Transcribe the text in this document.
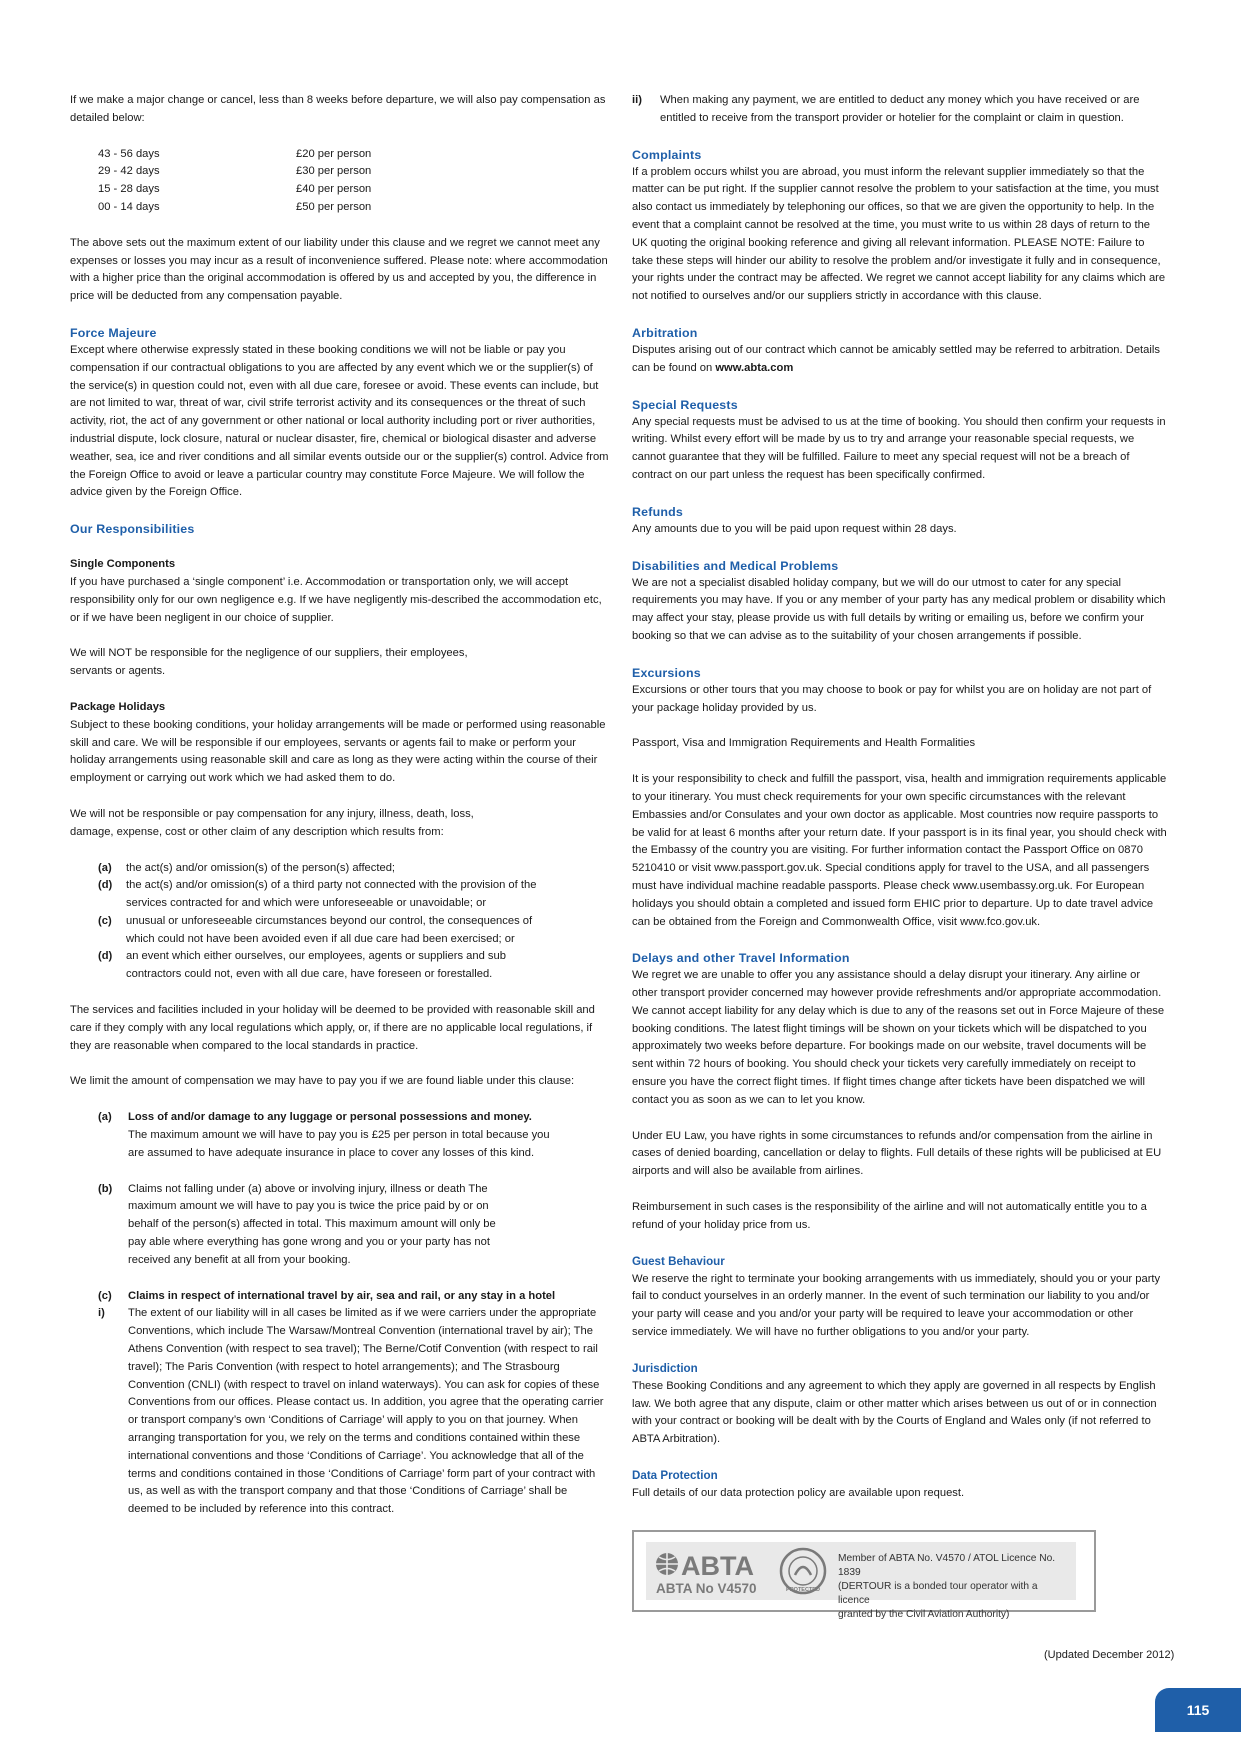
If we make a major change or cancel, less than 8 weeks before departure, we will also pay compensation as detailed below:

43 - 56 days	£20 per person
29 - 42 days	£30 per person
15 - 28 days	£40 per person
00 - 14 days	£50 per person

The above sets out the maximum extent of our liability under this clause and we regret we cannot meet any expenses or losses you may incur as a result of inconvenience suffered. Please note: where accommodation with a higher price than the original accommodation is offered by us and accepted by you, the difference in price will be deducted from any compensation payable.

Force Majeure

Except where otherwise expressly stated in these booking conditions we will not be liable or pay you compensation if our contractual obligations to you are affected by any event which we or the supplier(s) of the service(s) in question could not, even with all due care, foresee or avoid. These events can include, but are not limited to war, threat of war, civil strife terrorist activity and its consequences or the threat of such activity, riot, the act of any government or other national or local authority including port or river authorities, industrial dispute, lock closure, natural or nuclear disaster, fire, chemical or biological disaster and adverse weather, sea, ice and river conditions and all similar events outside our or the supplier(s) control. Advice from the Foreign Office to avoid or leave a particular country may constitute Force Majeure. We will follow the advice given by the Foreign Office.

Our Responsibilities
Single Components

If you have purchased a ‘single component’ i.e. Accommodation or transportation only, we will accept responsibility only for our own negligence e.g. If we have negligently mis-described the accommodation etc, or if we have been negligent in our choice of supplier.

We will NOT be responsible for the negligence of our suppliers, their employees, servants or agents.

Package Holidays

Subject to these booking conditions, your holiday arrangements will be made or performed using reasonable skill and care. We will be responsible if our employees, servants or agents fail to make or perform your holiday arrangements using reasonable skill and care as long as they were acting within the course of their employment or carrying out work which we had asked them to do.

We will not be responsible or pay compensation for any injury, illness, death, loss, damage, expense, cost or other claim of any description which results from:

(a)	the act(s) and/or omission(s) of the person(s) affected;
(d)	the act(s) and/or omission(s) of a third party not connected with the provision of the services contracted for and which were unforeseeable or unavoidable; or
(c)	unusual or unforeseeable circumstances beyond our control, the consequences of which could not have been avoided even if all due care had been exercised; or
(d)	an event which either ourselves, our employees, agents or suppliers and sub contractors could not, even with all due care, have foreseen or forestalled.

The services and facilities included in your holiday will be deemed to be provided with reasonable skill and care if they comply with any local regulations which apply, or, if there are no applicable local regulations, if they are reasonable when compared to the local standards in practice.

We limit the amount of compensation we may have to pay you if we are found liable under this clause:

(a)	Loss of and/or damage to any luggage or personal possessions and money.
The maximum amount we will have to pay you is £25 per person in total because you are assumed to have adequate insurance in place to cover any losses of this kind.
(b)	Claims not falling under (a) above or involving injury, illness or death The maximum amount we will have to pay you is twice the price paid by or on behalf of the person(s) affected in total. This maximum amount will only be pay able where everything has gone wrong and you or your party has not received any benefit at all from your booking.
(c)	Claims in respect of international travel by air, sea and rail, or any stay in a hotel
i)	The extent of our liability will in all cases be limited as if we were carriers under the appropriate Conventions, which include The Warsaw/Montreal Convention (international travel by air); The Athens Convention (with respect to sea travel); The Berne/Cotif Convention (with respect to rail travel); The Paris Convention (with respect to hotel arrangements); and The Strasbourg Convention (CNLI) (with respect to travel on inland waterways). You can ask for copies of these Conventions from our offices. Please contact us. In addition, you agree that the operating carrier or transport company’s own ‘Conditions of Carriage’ will apply to you on that journey. When arranging transportation for you, we rely on the terms and conditions contained within these international conventions and those ‘Conditions of Carriage’. You acknowledge that all of the terms and conditions contained in those ‘Conditions of Carriage’ form part of your contract with us, as well as with the transport company and that those ‘Conditions of Carriage’ shall be deemed to be included by reference into this contract.
ii)	When making any payment, we are entitled to deduct any money which you have received or are entitled to receive from the transport provider or hotelier for the complaint or claim in question.
Complaints

If a problem occurs whilst you are abroad, you must inform the relevant supplier immediately so that the matter can be put right. If the supplier cannot resolve the problem to your satisfaction at the time, you must also contact us immediately by telephoning our offices, so that we are given the opportunity to help. In the event that a complaint cannot be resolved at the time, you must write to us within 28 days of return to the UK quoting the original booking reference and giving all relevant information. PLEASE NOTE: Failure to take these steps will hinder our ability to resolve the problem and/or investigate it fully and in consequence, your rights under the contract may be affected. We regret we cannot accept liability for any claims which are not notified to ourselves and/or our suppliers strictly in accordance with this clause.

Arbitration

Disputes arising out of our contract which cannot be amicably settled may be referred to arbitration. Details can be found on www.abta.com

Special Requests

Any special requests must be advised to us at the time of booking. You should then confirm your requests in writing. Whilst every effort will be made by us to try and arrange your reasonable special requests, we cannot guarantee that they will be fulfilled. Failure to meet any special request will not be a breach of contract on our part unless the request has been specifically confirmed.

Refunds

Any amounts due to you will be paid upon request within 28 days.

Disabilities and Medical Problems

We are not a specialist disabled holiday company, but we will do our utmost to cater for any special requirements you may have. If you or any member of your party has any medical problem or disability which may affect your stay, please provide us with full details by writing or emailing us, before we confirm your booking so that we can advise as to the suitability of your chosen arrangements if possible.

Excursions

Excursions or other tours that you may choose to book or pay for whilst you are on holiday are not part of your package holiday provided by us.

Passport, Visa and Immigration Requirements and Health Formalities

It is your responsibility to check and fulfill the passport, visa, health and immigration requirements applicable to your itinerary. You must check requirements for your own specific circumstances with the relevant Embassies and/or Consulates and your own doctor as applicable. Most countries now require passports to be valid for at least 6 months after your return date. If your passport is in its final year, you should check with the Embassy of the country you are visiting. For further information contact the Passport Office on 0870 5210410 or visit www.passport.gov.uk. Special conditions apply for travel to the USA, and all passengers must have individual machine readable passports. Please check www.usembassy.org.uk. For European holidays you should obtain a completed and issued form EHIC prior to departure. Up to date travel advice can be obtained from the Foreign and Commonwealth Office, visit www.fco.gov.uk.

Delays and other Travel Information

We regret we are unable to offer you any assistance should a delay disrupt your itinerary. Any airline or other transport provider concerned may however provide refreshments and/or appropriate accommodation. We cannot accept liability for any delay which is due to any of the reasons set out in Force Majeure of these booking conditions. The latest flight timings will be shown on your tickets which will be dispatched to you approximately two weeks before departure. For bookings made on our website, travel documents will be sent within 72 hours of booking. You should check your tickets very carefully immediately on receipt to ensure you have the correct flight times. If flight times change after tickets have been dispatched we will contact you as soon as we can to let you know.

Under EU Law, you have rights in some circumstances to refunds and/or compensation from the airline in cases of denied boarding, cancellation or delay to flights. Full details of these rights will be publicised at EU airports and will also be available from airlines.

Reimbursement in such cases is the responsibility of the airline and will not automatically entitle you to a refund of your holiday price from us.

Guest Behaviour

We reserve the right to terminate your booking arrangements with us immediately, should you or your party fail to conduct yourselves in an orderly manner. In the event of such termination our liability to you and/or your party will cease and you and/or your party will be required to leave your accommodation or other service immediately. We will have no further obligations to you and/or your party.

Jurisdiction

These Booking Conditions and any agreement to which they apply are governed in all respects by English law. We both agree that any dispute, claim or other matter which arises between us out of or in connection with your contract or booking will be dealt with by the Courts of England and Wales only (if not referred to ABTA Arbitration).

Data Protection

Full details of our data protection policy are available upon request.

ABTA
ABTA No V4570	PROTECTED
Member of ABTA No. V4570 / ATOL Licence No. 1839
(DERTOUR is a bonded tour operator with a licence
granted by the Civil Aviation Authority)
(Updated December 2012)
115
